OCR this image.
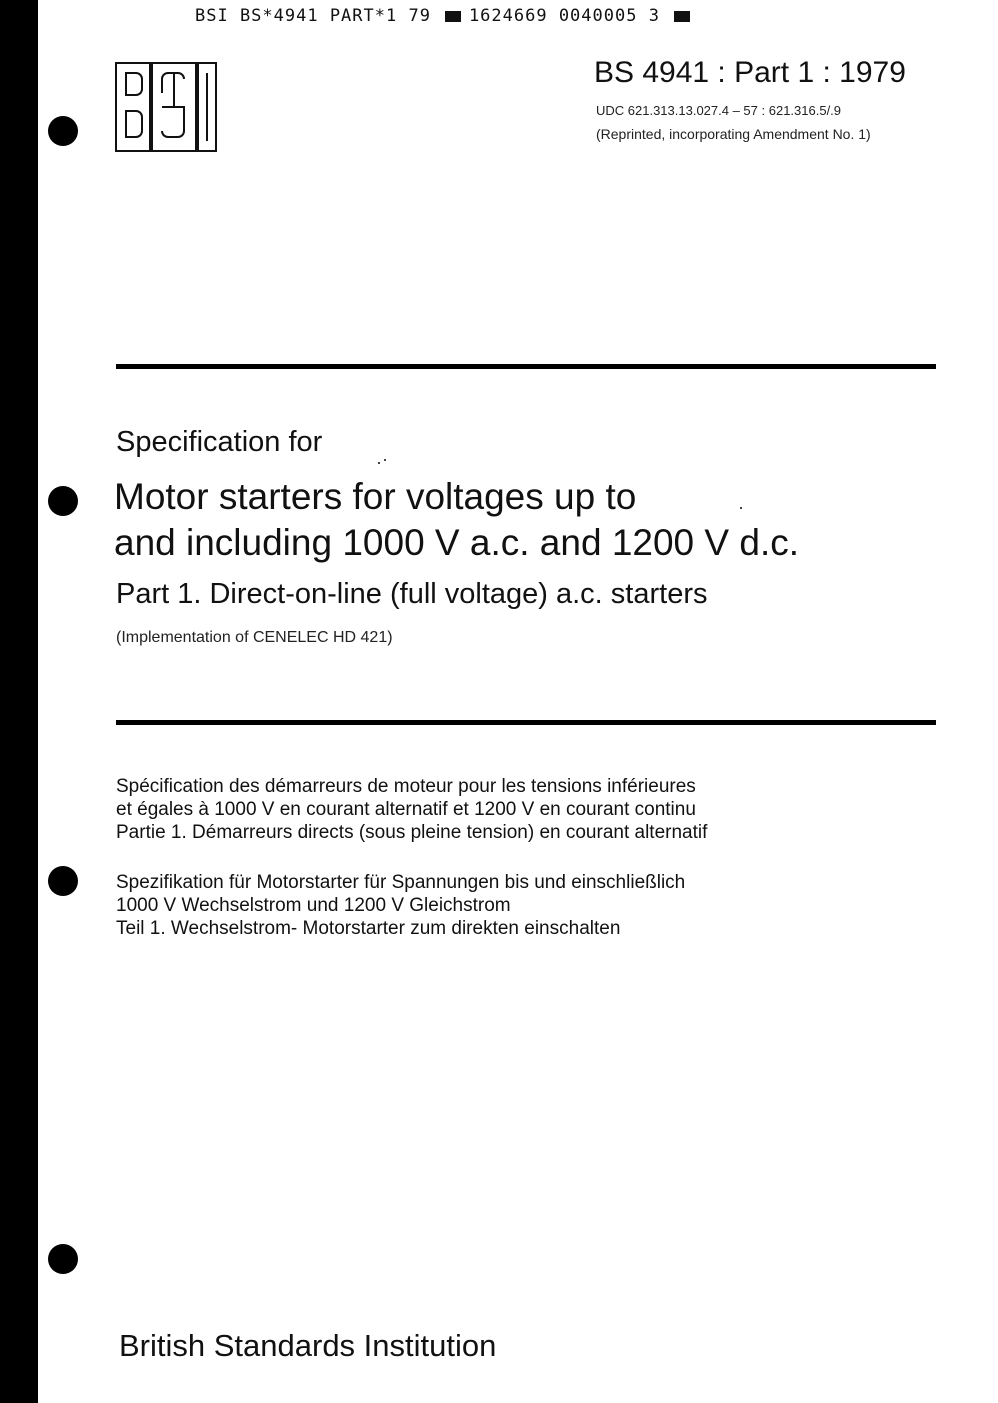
BSI BS*4941 PART*1 79 1624669 0040005 3
BS 4941 : Part 1 : 1979
UDC 621.313.13.027.4 – 57 : 621.316.5/.9
(Reprinted, incorporating Amendment No. 1)
Specification for
Motor starters for voltages up to
and including 1000 V a.c. and 1200 V d.c.
Part 1. Direct-on-line (full voltage) a.c. starters
(Implementation of CENELEC HD 421)
Spécification des démarreurs de moteur pour les tensions inférieures
et égales à 1000 V en courant alternatif et 1200 V en courant continu
Partie 1. Démarreurs directs (sous pleine tension) en courant alternatif
Spezifikation für Motorstarter für Spannungen bis und einschließlich
1000 V Wechselstrom und 1200 V Gleichstrom
Teil 1. Wechselstrom- Motorstarter zum direkten einschalten
British Standards Institution
